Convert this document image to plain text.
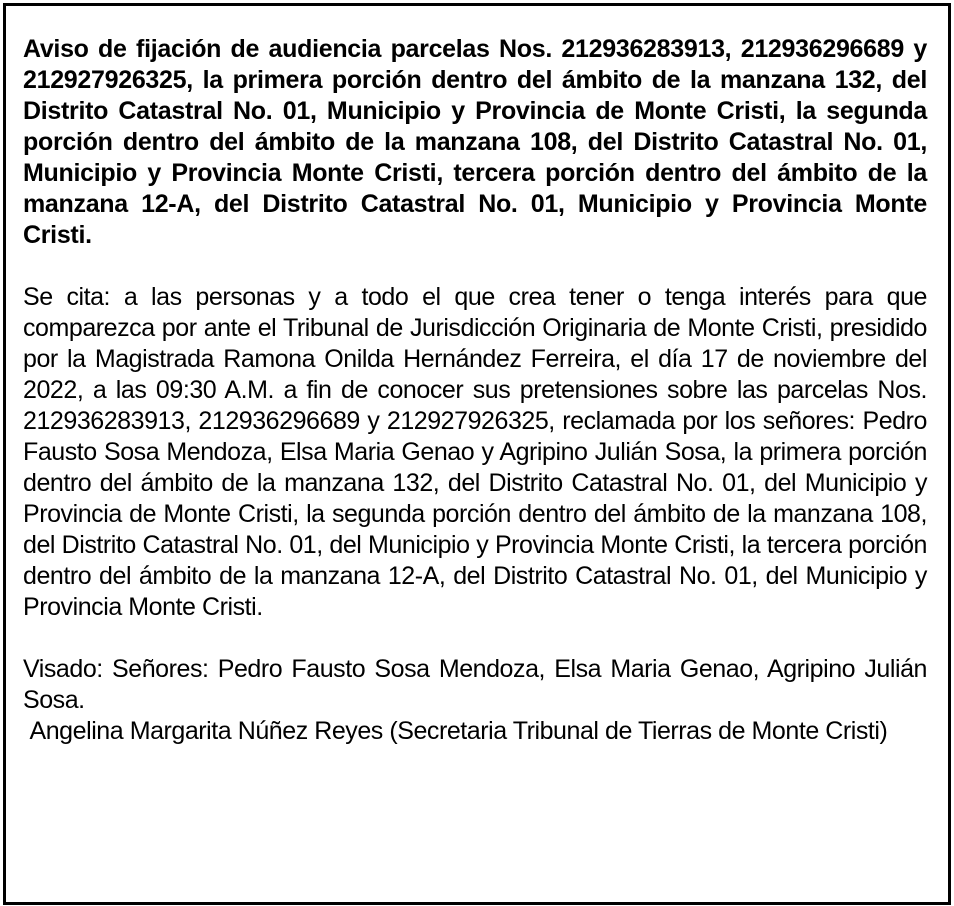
Aviso de fijación de audiencia parcelas Nos. 212936283913, 212936296689 y 212927926325, la primera porción dentro del ámbito de la manzana 132, del Distrito Catastral No. 01, Municipio y Provincia de Monte Cristi, la segunda porción dentro del ámbito de la manzana 108, del Distrito Catastral No. 01, Municipio y Provincia Monte Cristi, tercera porción dentro del ámbito de la manzana 12-A, del Distrito Catastral No. 01, Municipio y Provincia Monte Cristi.

Se cita: a las personas y a todo el que crea tener o tenga interés para que comparezca por ante el Tribunal de Jurisdicción Originaria de Monte Cristi, presidido por la Magistrada Ramona Onilda Hernández Ferreira, el día 17 de noviembre del 2022, a las 09:30 A.M. a fin de conocer sus pretensiones sobre las parcelas Nos. 212936283913, 212936296689 y 212927926325, reclamada por los señores: Pedro Fausto Sosa Mendoza, Elsa Maria Genao y Agripino Julián Sosa, la primera porción dentro del ámbito de la manzana 132, del Distrito Catastral No. 01, del Municipio y Provincia de Monte Cristi, la segunda porción dentro del ámbito de la manzana 108, del Distrito Catastral No. 01, del Municipio y Provincia Monte Cristi, la tercera porción dentro del ámbito de la manzana 12-A, del Distrito Catastral No. 01, del Municipio y Provincia Monte Cristi.

Visado: Señores: Pedro Fausto Sosa Mendoza, Elsa Maria Genao, Agripino Julián Sosa.

Angelina Margarita Núñez Reyes (Secretaria Tribunal de Tierras de Monte Cristi)
